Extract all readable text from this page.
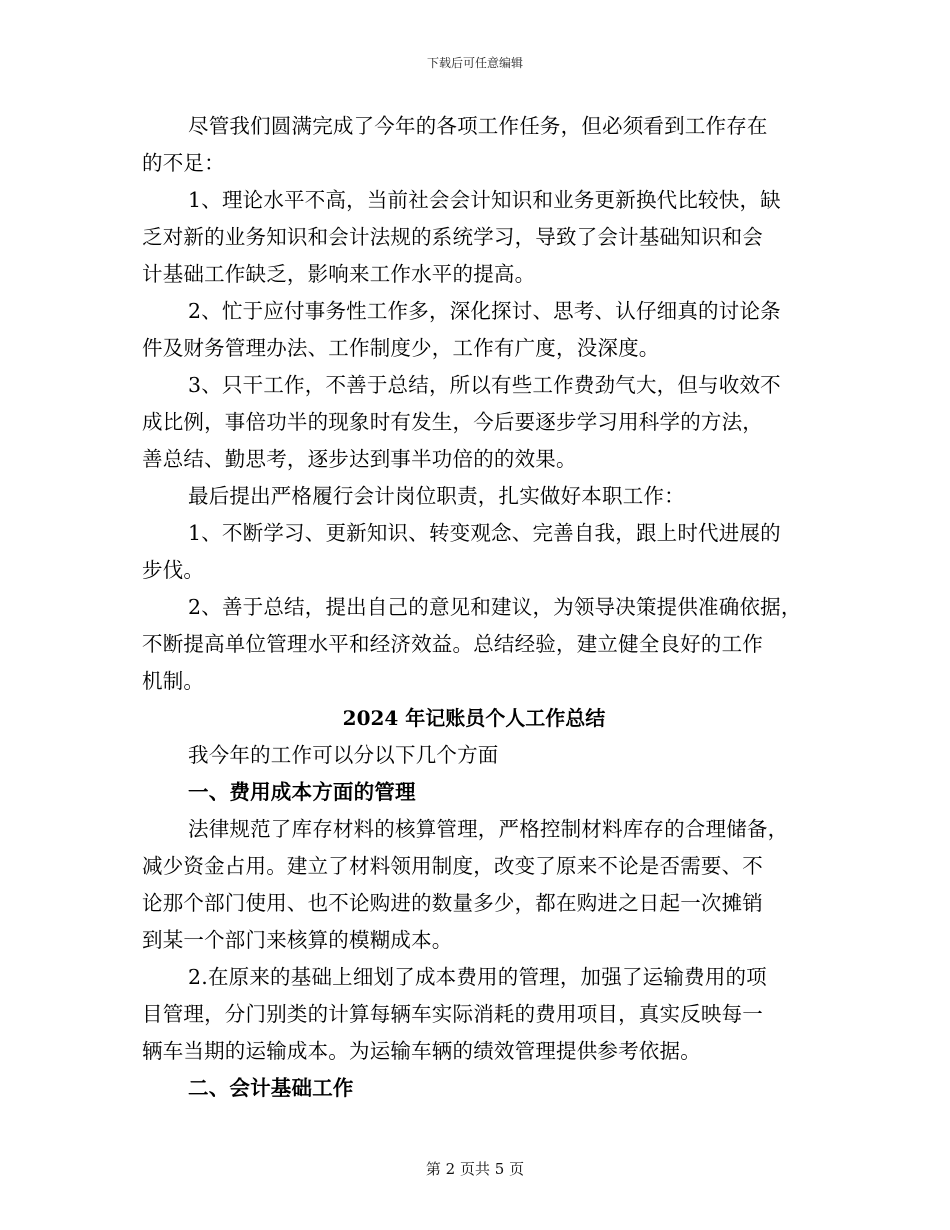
下载后可任意编辑
尽管我们圆满完成了今年的各项工作任务，但必须看到工作存在
的不足：
1、理论水平不高，当前社会会计知识和业务更新换代比较快，缺
乏对新的业务知识和会计法规的系统学习，导致了会计基础知识和会
计基础工作缺乏，影响来工作水平的提高。
2、忙于应付事务性工作多，深化探讨、思考、认仔细真的讨论条
件及财务管理办法、工作制度少，工作有广度，没深度。
3、只干工作，不善于总结，所以有些工作费劲气大，但与收效不
成比例，事倍功半的现象时有发生，今后要逐步学习用科学的方法，
善总结、勤思考，逐步达到事半功倍的的效果。
最后提出严格履行会计岗位职责，扎实做好本职工作：
1、不断学习、更新知识、转变观念、完善自我，跟上时代进展的
步伐。
2、善于总结，提出自己的意见和建议，为领导决策提供准确依据，
不断提高单位管理水平和经济效益。总结经验，建立健全良好的工作
机制。
2024 年记账员个人工作总结
我今年的工作可以分以下几个方面
一、费用成本方面的管理
法律规范了库存材料的核算管理，严格控制材料库存的合理储备，
减少资金占用。建立了材料领用制度，改变了原来不论是否需要、不
论那个部门使用、也不论购进的数量多少，都在购进之日起一次摊销
到某一个部门来核算的模糊成本。
2.在原来的基础上细划了成本费用的管理，加强了运输费用的项
目管理，分门别类的计算每辆车实际消耗的费用项目，真实反映每一
辆车当期的运输成本。为运输车辆的绩效管理提供参考依据。
二、会计基础工作
第 2 页共 5 页
